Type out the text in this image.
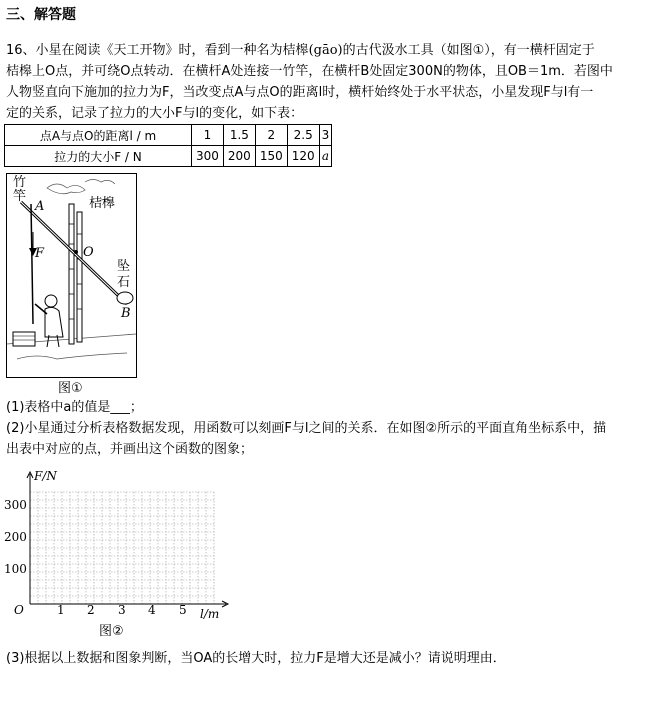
三、解答题
16、小星在阅读《天工开物》时，看到一种名为桔槔(gāo)的古代汲水工具（如图①），有一横杆固定于
桔槔上O点，并可绕O点转动．在横杆A处连接一竹竿，在横杆B处固定300N的物体，且OB＝1m．若图中
人物竖直向下施加的拉力为F，当改变点A与点O的距离l时，横杆始终处于水平状态，小星发现F与l有一
定的关系，记录了拉力的大小F与l的变化，如下表：
点A与点O的距离l / m	1	1.5	2	2.5	3
拉力的大小F / N	300	200	150	120	a
竹
竿
A	桔槔
F	O
坠
石
B
图①
(1)表格中a的值是___；
(2)小星通过分析表格数据发现，用函数可以刻画F与l之间的关系．在如图②所示的平面直角坐标系中，描
出表中对应的点，并画出这个函数的图象；
F/N
l/m
O
300
200
100
1 2 3 4 5
图②
(3)根据以上数据和图象判断，当OA的长增大时，拉力F是增大还是减小？请说明理由．
